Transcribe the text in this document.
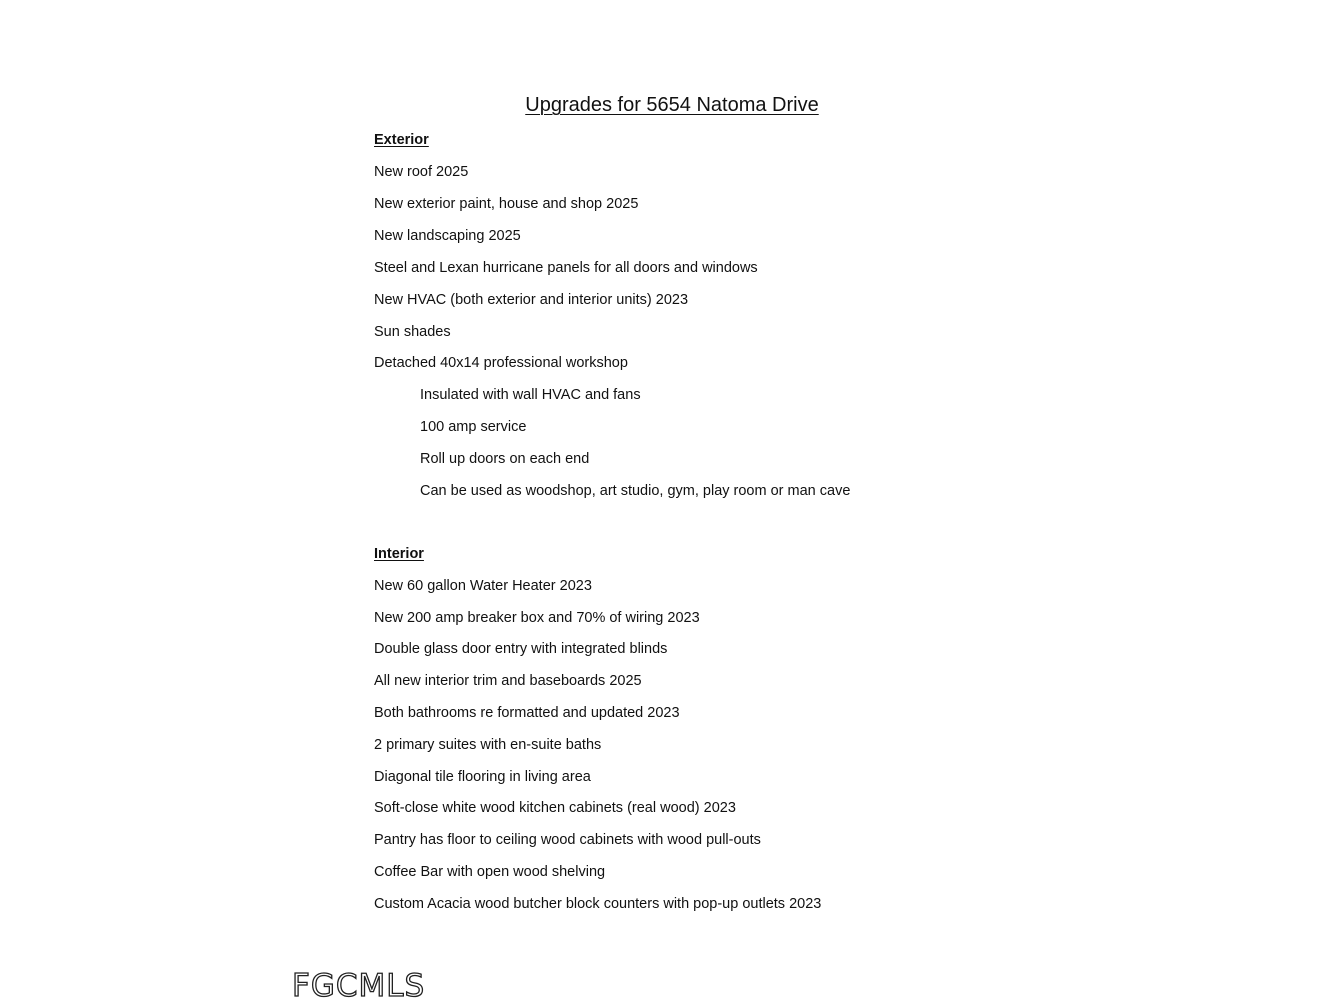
Upgrades for 5654 Natoma Drive
Exterior
New roof 2025
New exterior paint, house and shop 2025
New landscaping 2025
Steel and Lexan hurricane panels for all doors and windows
New HVAC (both exterior and interior units) 2023
Sun shades
Detached 40x14 professional workshop
Insulated with wall HVAC and fans
100 amp service
Roll up doors on each end
Can be used as woodshop, art studio, gym, play room or man cave
Interior
New 60 gallon Water Heater 2023
New 200 amp breaker box and 70% of wiring 2023
Double glass door entry with integrated blinds
All new interior trim and baseboards 2025
Both bathrooms re formatted and updated 2023
2 primary suites with en-suite baths
Diagonal tile flooring in living area
Soft-close white wood kitchen cabinets (real wood) 2023
Pantry has floor to ceiling wood cabinets with wood pull-outs
Coffee Bar with open wood shelving
Custom Acacia wood butcher block counters with pop-up outlets 2023
FGCMLS
